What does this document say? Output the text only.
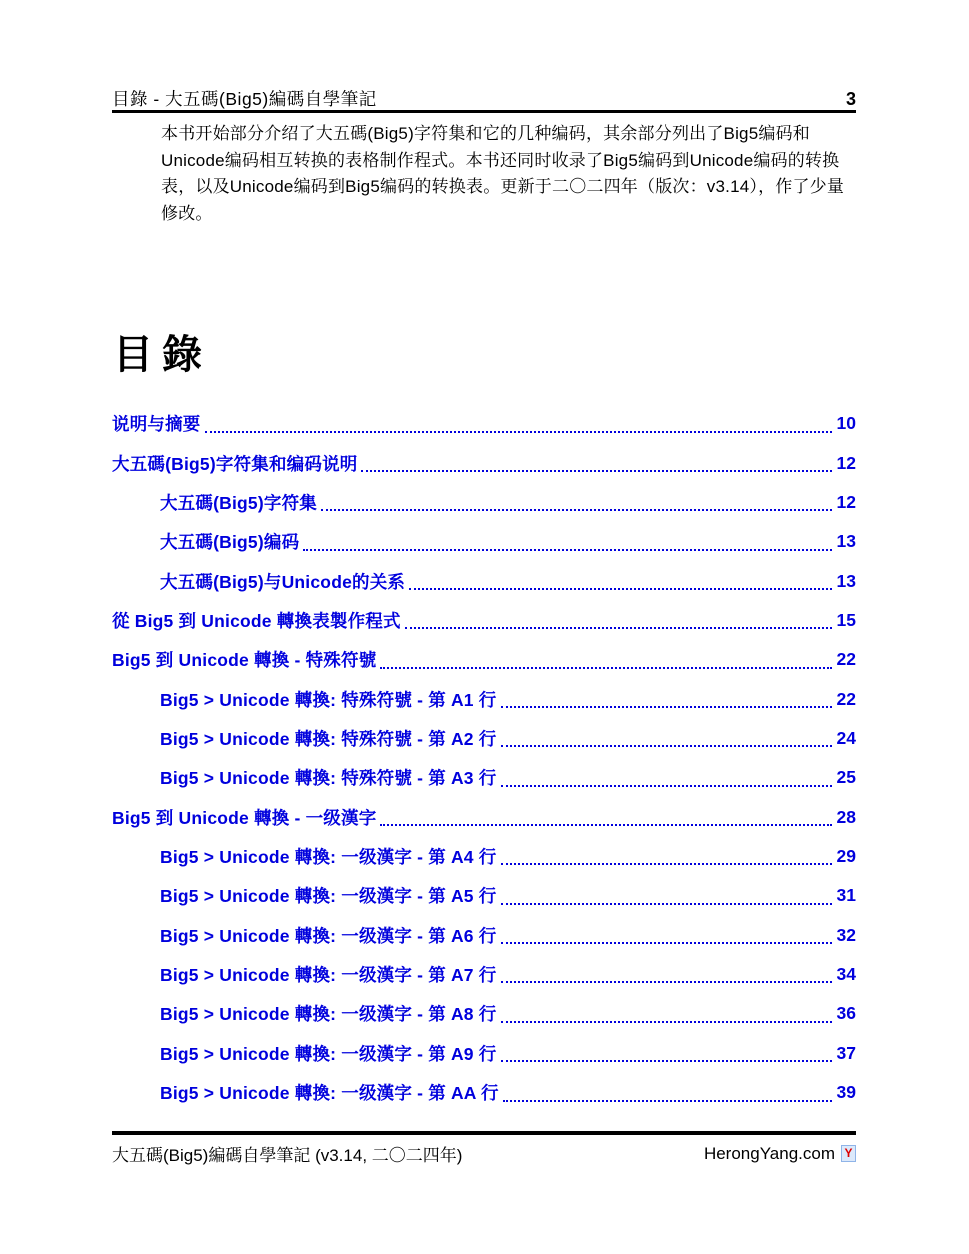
目錄 - 大五碼(Big5)編碼自學筆記	3
本书开始部分介绍了大五碼(Big5)字符集和它的几种编码，其余部分列出了Big5编码和
Unicode编码相互转换的表格制作程式。本书还同时收录了Big5编码到Unicode编码的转换
表，以及Unicode编码到Big5编码的转换表。更新于二〇二四年（版次：v3.14），作了少量
修改。
目錄
说明与摘要	10
大五碼(Big5)字符集和编码说明	12
大五碼(Big5)字符集	12
大五碼(Big5)编码	13
大五碼(Big5)与Unicode的关系	13
從 Big5 到 Unicode 轉換表製作程式	15
Big5 到 Unicode 轉換 - 特殊符號	22
Big5 > Unicode 轉換: 特殊符號 - 第 A1 行	22
Big5 > Unicode 轉換: 特殊符號 - 第 A2 行	24
Big5 > Unicode 轉換: 特殊符號 - 第 A3 行	25
Big5 到 Unicode 轉換 - 一级漢字	28
Big5 > Unicode 轉換: 一级漢字 - 第 A4 行	29
Big5 > Unicode 轉換: 一级漢字 - 第 A5 行	31
Big5 > Unicode 轉換: 一级漢字 - 第 A6 行	32
Big5 > Unicode 轉換: 一级漢字 - 第 A7 行	34
Big5 > Unicode 轉換: 一级漢字 - 第 A8 行	36
Big5 > Unicode 轉換: 一级漢字 - 第 A9 行	37
Big5 > Unicode 轉換: 一级漢字 - 第 AA 行	39
大五碼(Big5)編碼自學筆記 (v3.14, 二〇二四年)	HerongYang.com Y
